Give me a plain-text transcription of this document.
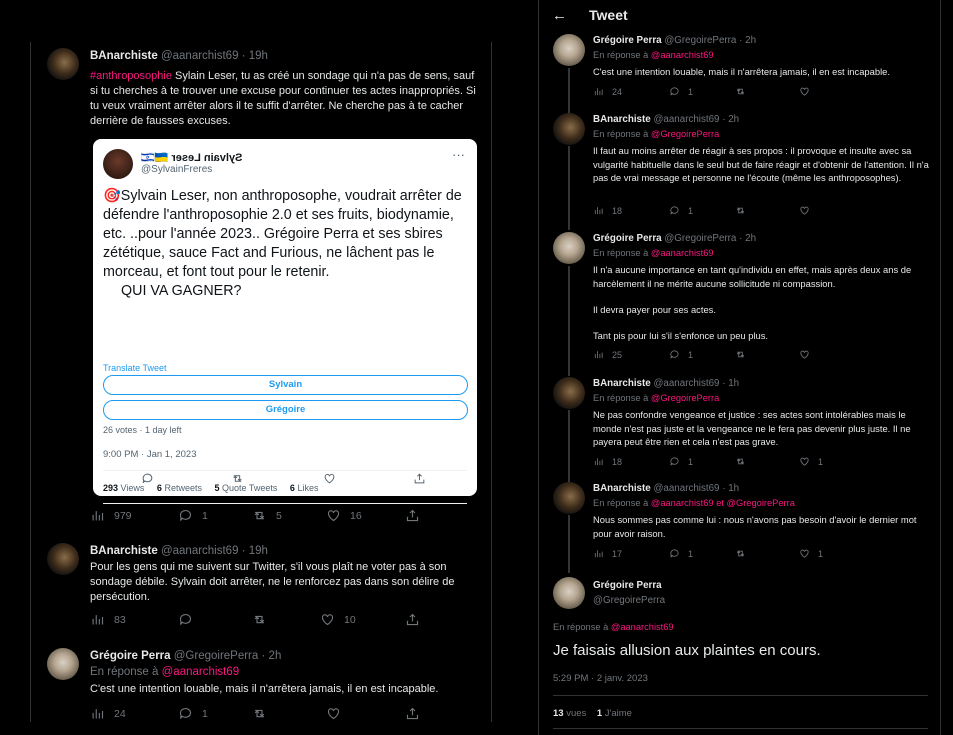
BAnarchiste @aanarchist69 · 19h
#anthroposophie Sylain Leser, tu as créé un sondage qui n'a pas de sens, sauf si tu cherches à te trouver une excuse pour continuer tes actes inappropriés. Si tu veux vraiment arrêter alors il te suffit d'arrêter. Ne cherche pas à te cacher derrière de fausses excuses.
Sylvain Leser 🇺🇦🇮🇱
@SylvainFreres
···
🎯Sylvain Leser, non anthroposophe, voudrait arrêter de défendre l'anthroposophie 2.0 et ses fruits, biodynamie, etc. ..pour l'année 2023.. Grégoire Perra et ses sbires zététique, sauce Fact and Furious, ne lâchent pas le morceau, et font tout pour le retenir.
QUI VA GAGNER?
Translate Tweet
Sylvain
Grégoire
26 votes · 1 day left
9:00 PM · Jan 1, 2023
293 Views 6 Retweets 5 Quote Tweets 6 Likes
979	1	5	16
BAnarchiste @aanarchist69 · 19h
Pour les gens qui me suivent sur Twitter, s'il vous plaît ne voter pas à son sondage débile. Sylvain doit arrêter, ne le renforcez pas dans son délire de persécution.
83	10
Grégoire Perra @GregoirePerra · 2h
En réponse à @aanarchist69
C'est une intention louable, mais il n'arrêtera jamais, il en est incapable.
24	1
← Tweet
Grégoire Perra @GregoirePerra · 2h
En réponse à @aanarchist69
C'est une intention louable, mais il n'arrêtera jamais, il en est incapable.
24	1
BAnarchiste @aanarchist69 · 2h
En réponse à @GregoirePerra
Il faut au moins arrêter de réagir à ses propos : il provoque et insulte avec sa vulgarité habituelle dans le seul but de faire réagir et d'obtenir de l'attention. Il n'a pas de vrai message et personne ne l'écoute (même les anthroposophes).
18	1
Grégoire Perra @GregoirePerra · 2h
En réponse à @aanarchist69
Il n'a aucune importance en tant qu'individu en effet, mais après deux ans de harcèlement il ne mérite aucune sollicitude ni compassion.
Il devra payer pour ses actes.
Tant pis pour lui s'il s'enfonce un peu plus.
25	1
BAnarchiste @aanarchist69 · 1h
En réponse à @GregoirePerra
Ne pas confondre vengeance et justice : ses actes sont intolérables mais le monde n'est pas juste et la vengeance ne le fera pas devenir plus juste. Il ne payera peut être rien et cela n'est pas grave.
18	1	1
BAnarchiste @aanarchist69 · 1h
En réponse à @aanarchist69 et @GregoirePerra
Nous sommes pas comme lui : nous n'avons pas besoin d'avoir le dernier mot pour avoir raison.
17	1	1
Grégoire Perra
@GregoirePerra
En réponse à @aanarchist69
Je faisais allusion aux plaintes en cours.
5:29 PM · 2 janv. 2023
13 vues 1 J'aime
